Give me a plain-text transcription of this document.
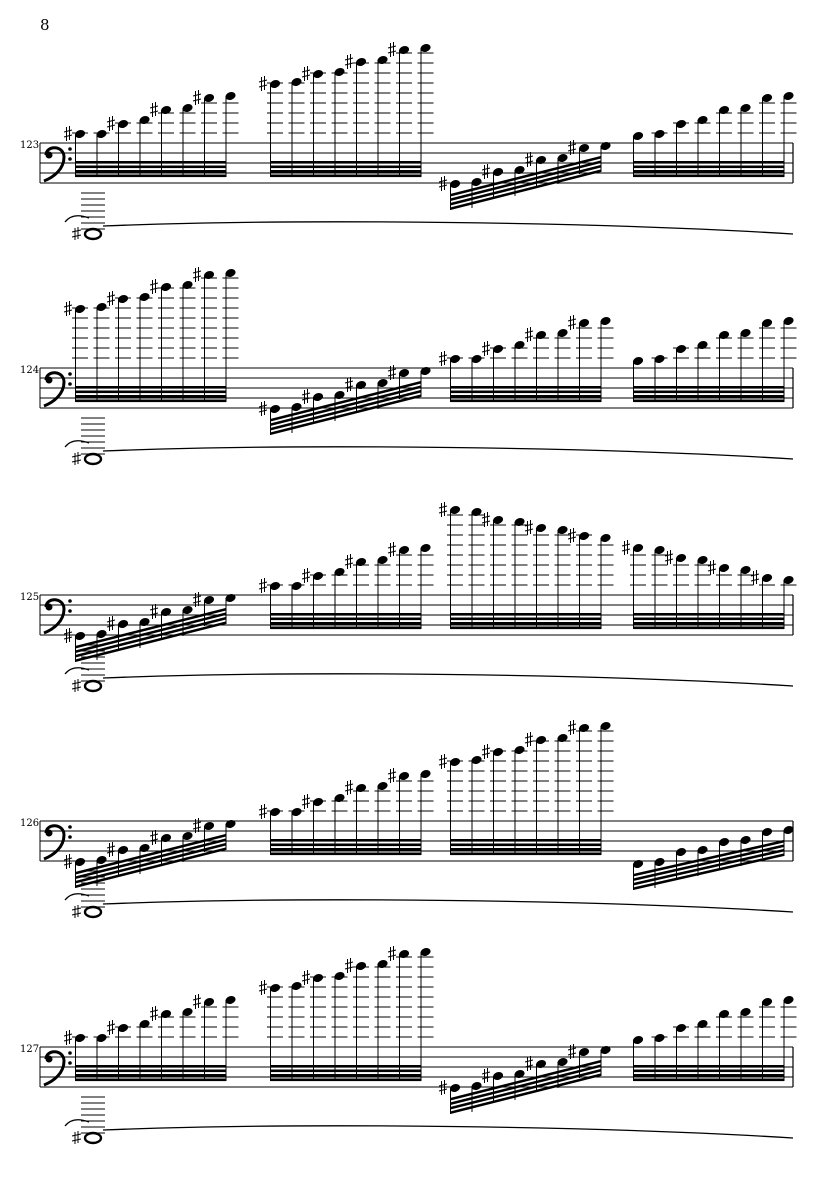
8
123
124
125
126
127
